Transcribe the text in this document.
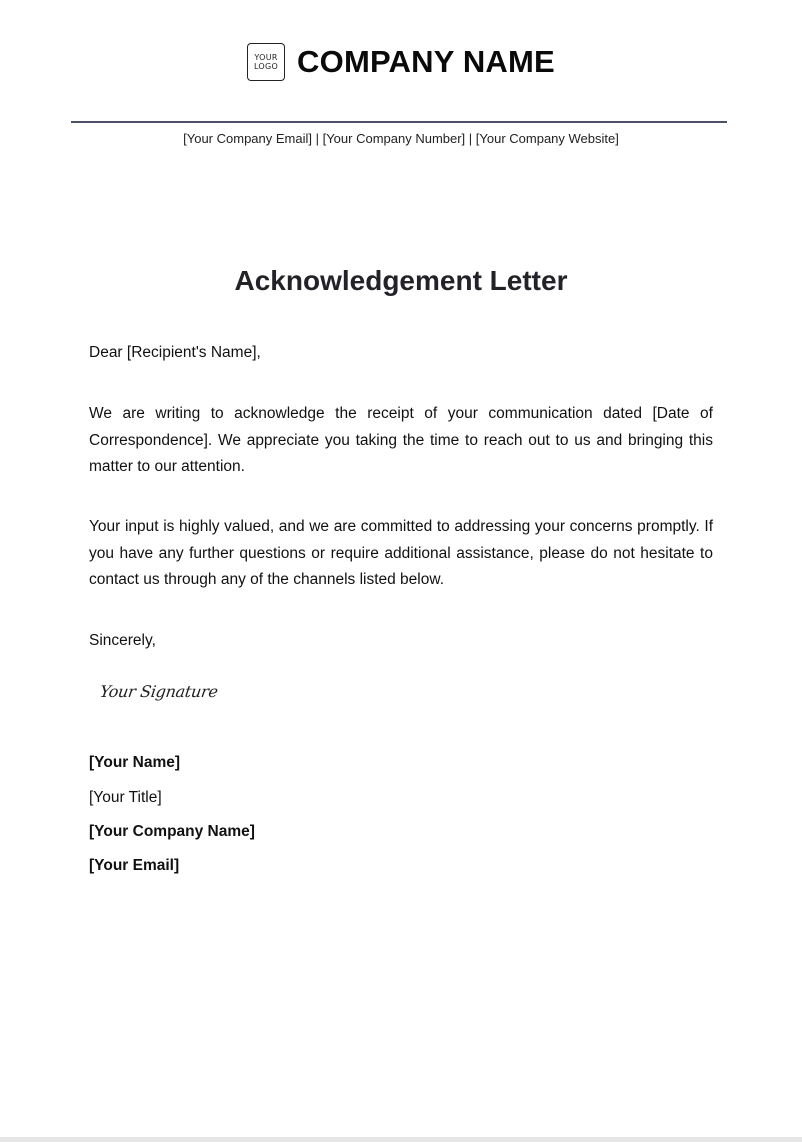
YOUR
LOGO COMPANY NAME
[Your Company Email] | [Your Company Number] | [Your Company Website]
Acknowledgement Letter
Dear [Recipient's Name],
We are writing to acknowledge the receipt of your communication dated [Date of Correspondence]. We appreciate you taking the time to reach out to us and bringing this matter to our attention.
Your input is highly valued, and we are committed to addressing your concerns promptly. If you have any further questions or require additional assistance, please do not hesitate to contact us through any of the channels listed below.
Sincerely,
Your Signature
[Your Name]
[Your Title]
[Your Company Name]
[Your Email]
